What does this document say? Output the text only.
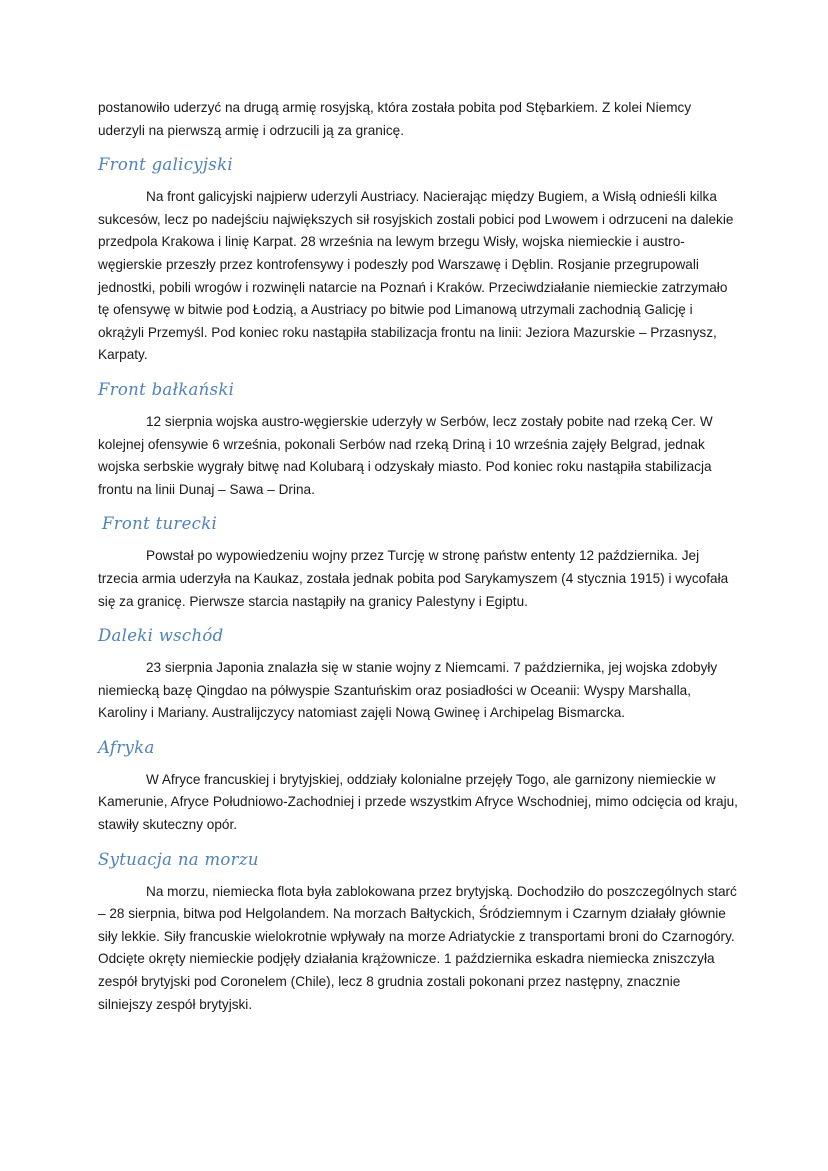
postanowiło uderzyć na drugą armię rosyjską, która została pobita pod Stębarkiem. Z kolei Niemcy uderzyli na pierwszą armię i odrzucili ją za granicę.

Front galicyjski

Na front galicyjski najpierw uderzyli Austriacy. Nacierając między Bugiem, a Wisłą odnieśli kilka sukcesów, lecz po nadejściu największych sił rosyjskich zostali pobici pod Lwowem i odrzuceni na dalekie przedpola Krakowa i linię Karpat. 28 września na lewym brzegu Wisły, wojska niemieckie i austro-węgierskie przeszły przez kontrofensywy i podeszły pod Warszawę i Dęblin. Rosjanie przegrupowali jednostki, pobili wrogów i rozwinęli natarcie na Poznań i Kraków. Przeciwdziałanie niemieckie zatrzymało tę ofensywę w bitwie pod Łodzią, a Austriacy po bitwie pod Limanową utrzymali zachodnią Galicję i okrążyli Przemyśl. Pod koniec roku nastąpiła stabilizacja frontu na linii: Jeziora Mazurskie – Przasnysz, Karpaty.

Front bałkański

12 sierpnia wojska austro-węgierskie uderzyły w Serbów, lecz zostały pobite nad rzeką Cer. W kolejnej ofensywie 6 września, pokonali Serbów nad rzeką Driną i 10 września zajęły Belgrad, jednak wojska serbskie wygrały bitwę nad Kolubarą i odzyskały miasto. Pod koniec roku nastąpiła stabilizacja frontu na linii Dunaj – Sawa – Drina.

Front turecki

Powstał po wypowiedzeniu wojny przez Turcję w stronę państw ententy 12 października. Jej trzecia armia uderzyła na Kaukaz, została jednak pobita pod Sarykamyszem (4 stycznia 1915) i wycofała się za granicę. Pierwsze starcia nastąpiły na granicy Palestyny i Egiptu.

Daleki wschód

23 sierpnia Japonia znalazła się w stanie wojny z Niemcami. 7 października, jej wojska zdobyły niemiecką bazę Qingdao na półwyspie Szantuńskim oraz posiadłości w Oceanii: Wyspy Marshalla, Karoliny i Mariany. Australijczycy natomiast zajęli Nową Gwineę i Archipelag Bismarcka.

Afryka

W Afryce francuskiej i brytyjskiej, oddziały kolonialne przejęły Togo, ale garnizony niemieckie w Kamerunie, Afryce Południowo-Zachodniej i przede wszystkim Afryce Wschodniej, mimo odcięcia od kraju, stawiły skuteczny opór.

Sytuacja na morzu

Na morzu, niemiecka flota była zablokowana przez brytyjską. Dochodziło do poszczególnych starć – 28 sierpnia, bitwa pod Helgolandem. Na morzach Bałtyckich, Śródziemnym i Czarnym działały głównie siły lekkie. Siły francuskie wielokrotnie wpływały na morze Adriatyckie z transportami broni do Czarnogóry. Odcięte okręty niemieckie podjęły działania krążownicze. 1 października eskadra niemiecka zniszczyła zespół brytyjski pod Coronelem (Chile), lecz 8 grudnia zostali pokonani przez następny, znacznie silniejszy zespół brytyjski.
